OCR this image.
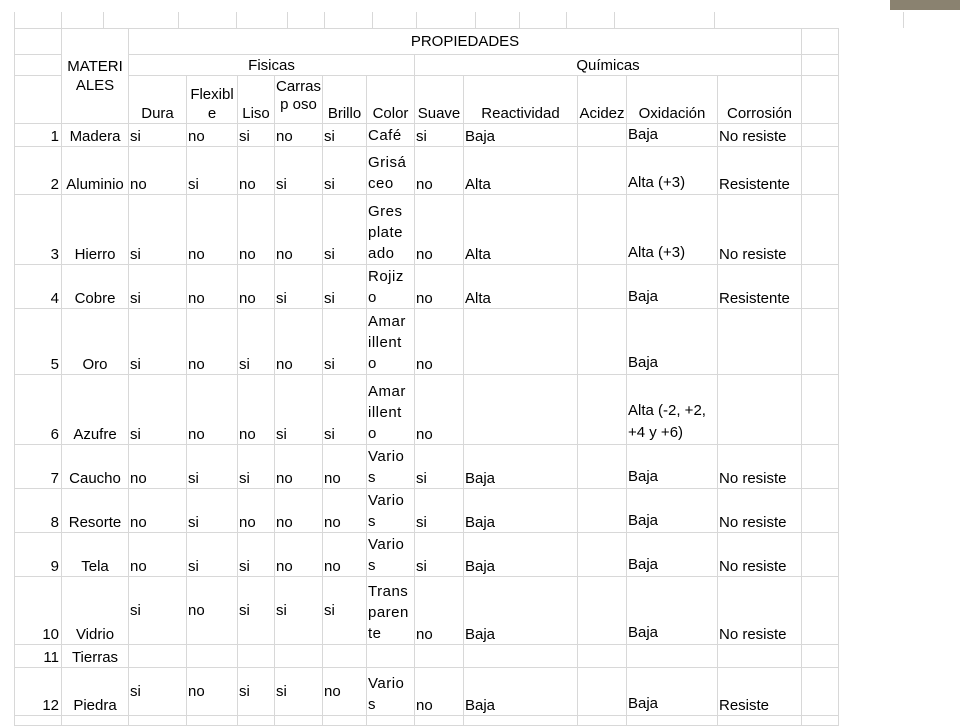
	MATERIALES	PROPIEDADES											
		Fisicas						Químicas					
		Dura	Flexible	Liso	Carrasp oso	Brillo	Color	Suave	Reactividad	Acidez	Oxidación	Corrosión	
1	Madera	si	no	si	no	si	Café	si	Baja		Baja	No resiste	
2	Aluminio	no	si	no	si	si	Grisá ceo	no	Alta		Alta (+3)	Resistente	
3	Hierro	si	no	no	no	si	Gres plate ado	no	Alta		Alta (+3)	No resiste	
4	Cobre	si	no	no	si	si	Rojiz o	no	Alta		Baja	Resistente	
5	Oro	si	no	si	no	si	Amar illent o	no			Baja		
6	Azufre	si	no	no	si	si	Amar illent o	no			Alta (-2, +2, +4 y +6)		
7	Caucho	no	si	si	no	no	Vario s	si	Baja		Baja	No resiste	
8	Resorte	no	si	no	no	no	Vario s	si	Baja		Baja	No resiste	
9	Tela	no	si	si	no	no	Vario s	si	Baja		Baja	No resiste	
10	Vidrio	si	no	si	si	si	Trans paren te	no	Baja		Baja	No resiste	
11	Tierras												
12	Piedra	si	no	si	si	no	Vario s	no	Baja		Baja	Resiste	
